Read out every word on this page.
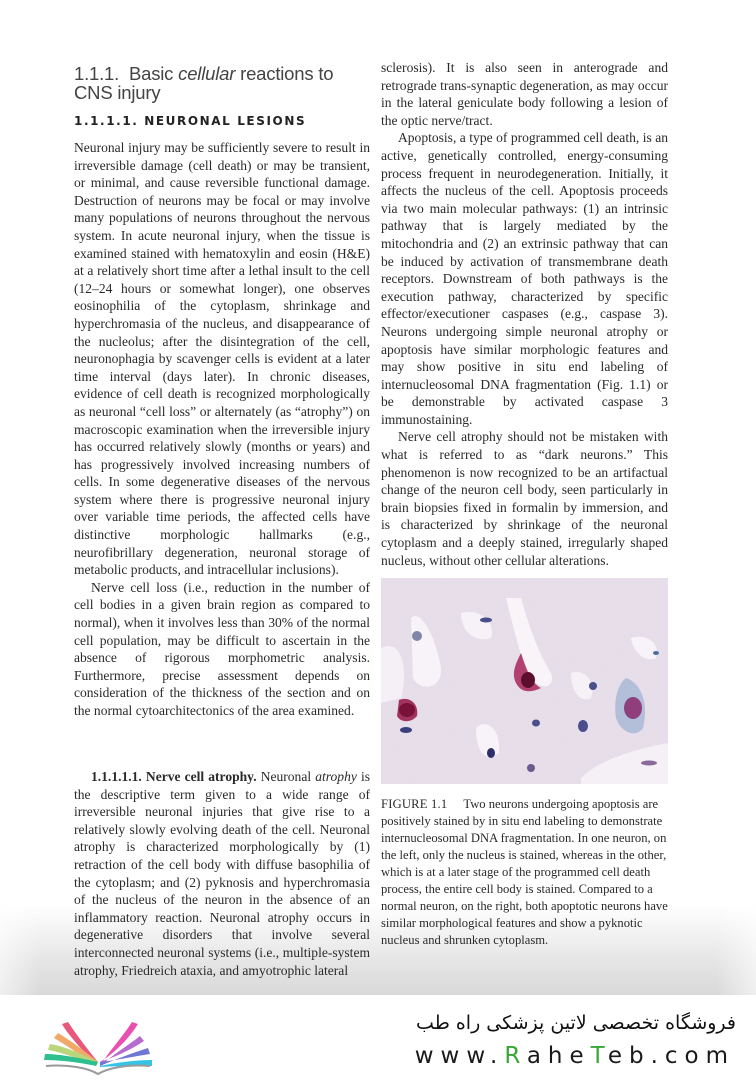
1.1.1. Basic cellular reactions to CNS injury
1.1.1.1. NEURONAL LESIONS

Neuronal injury may be sufficiently severe to result in irreversible damage (cell death) or may be transient, or minimal, and cause reversible functional damage. Destruction of neurons may be focal or may involve many populations of neurons throughout the nervous system. In acute neuronal injury, when the tissue is examined stained with hematoxylin and eosin (H&E) at a relatively short time after a lethal insult to the cell (12–24 hours or somewhat longer), one observes eosinophilia of the cytoplasm, shrinkage and hyperchromasia of the nucleus, and disappearance of the nucleolus; after the disintegration of the cell, neuronophagia by scavenger cells is evident at a later time interval (days later). In chronic diseases, evidence of cell death is recognized morphologically as neuronal “cell loss” or alternately (as “atrophy”) on macroscopic examination when the irreversible injury has occurred relatively slowly (months or years) and has progressively involved increasing numbers of cells. In some degenerative diseases of the nervous system where there is progressive neuronal injury over variable time periods, the affected cells have distinctive morphologic hallmarks (e.g., neurofibrillary degeneration, neuronal storage of metabolic products, and intracellular inclusions).

Nerve cell loss (i.e., reduction in the number of cell bodies in a given brain region as compared to normal), when it involves less than 30% of the normal cell population, may be difficult to ascertain in the absence of rigorous morphometric analysis. Furthermore, precise assessment depends on consideration of the thickness of the section and on the normal cytoarchitectonics of the area examined.

1.1.1.1.1. Nerve cell atrophy. Neuronal atrophy is the descriptive term given to a wide range of irreversible neuronal injuries that give rise to a relatively slowly evolving death of the cell. Neuronal atrophy is characterized morphologically by (1) retraction of the cell body with diffuse basophilia of the cytoplasm; and (2) pyknosis and hyperchromasia of the nucleus of the neuron in the absence of an inflammatory reaction. Neuronal atrophy occurs in degenerative disorders that involve several interconnected neuronal systems (i.e., multiple-system atrophy, Friedreich ataxia, and amyotrophic lateral

sclerosis). It is also seen in anterograde and retrograde trans-synaptic degeneration, as may occur in the lateral geniculate body following a lesion of the optic nerve/tract.

Apoptosis, a type of programmed cell death, is an active, genetically controlled, energy-consuming process frequent in neurodegeneration. Initially, it affects the nucleus of the cell. Apoptosis proceeds via two main molecular pathways: (1) an intrinsic pathway that is largely mediated by the mitochondria and (2) an extrinsic pathway that can be induced by activation of transmembrane death receptors. Downstream of both pathways is the execution pathway, characterized by specific effector/executioner caspases (e.g., caspase 3). Neurons undergoing simple neuronal atrophy or apoptosis have similar morphologic features and may show positive in situ end labeling of internucleosomal DNA fragmentation (Fig. 1.1) or be demonstrable by activated caspase 3 immunostaining.

Nerve cell atrophy should not be mistaken with what is referred to as “dark neurons.” This phenomenon is now recognized to be an artifactual change of the neuron cell body, seen particularly in brain biopsies fixed in formalin by immersion, and is characterized by shrinkage of the neuronal cytoplasm and a deeply stained, irregularly shaped nucleus, without other cellular alterations.

FIGURE 1.1 Two neurons undergoing apoptosis are positively stained by in situ end labeling to demonstrate internucleosomal DNA fragmentation. In one neuron, on the left, only the nucleus is stained, whereas in the other, which is at a later stage of the programmed cell death process, the entire cell body is stained. Compared to a normal neuron, on the right, both apoptotic neurons have similar morphological features and show a pyknotic nucleus and shrunken cytoplasm.
فروشگاه تخصصی لاتین پزشکی راه طب
www.RaheTeb.com
